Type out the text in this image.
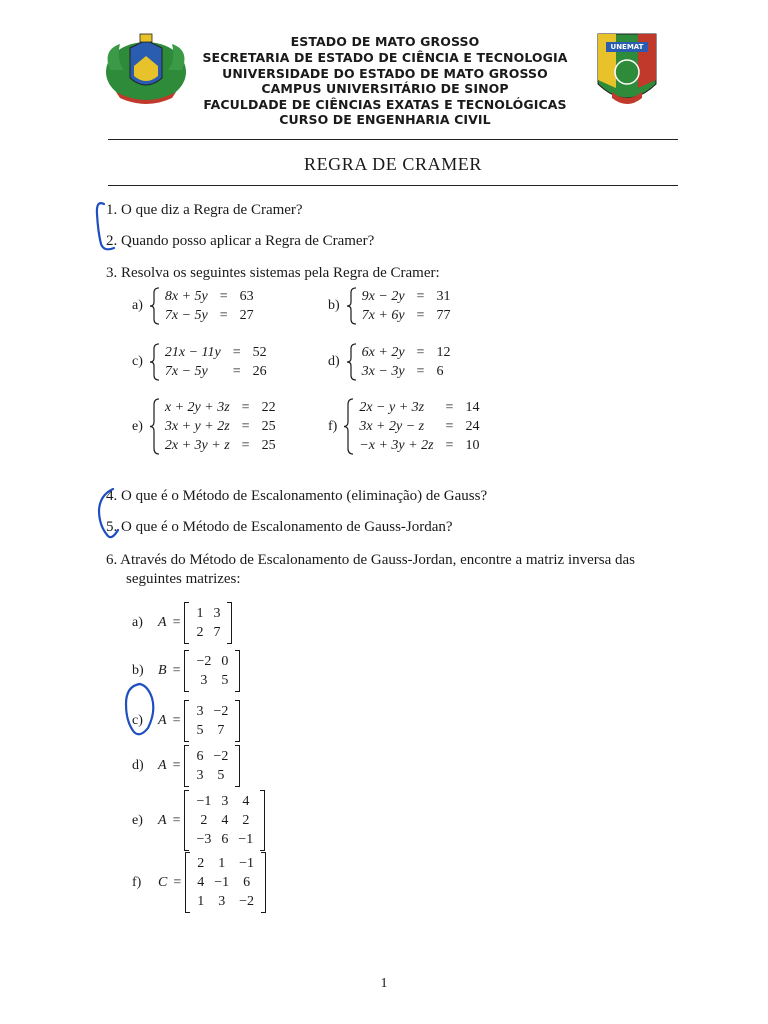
ESTADO DE MATO GROSSO
SECRETARIA DE ESTADO DE CIÊNCIA E TECNOLOGIA
UNIVERSIDADE DO ESTADO DE MATO GROSSO
CAMPUS UNIVERSITÁRIO DE SINOP
FACULDADE DE CIÊNCIAS EXATAS E TECNOLÓGICAS
CURSO DE ENGENHARIA CIVIL
UNEMAT
REGRA DE CRAMER
1. O que diz a Regra de Cramer?
2. Quando posso aplicar a Regra de Cramer?
3. Resolva os seguintes sistemas pela Regra de Cramer:
a)
8x + 5y	=	63
7x − 5y	=	27
b)
9x − 2y	=	31
7x + 6y	=	77
c)
21x − 11y	=	52
7x − 5y	=	26
d)
6x + 2y	=	12
3x − 3y	=	6
e)
x + 2y + 3z	=	22
3x + y + 2z	=	25
2x + 3y + z	=	25
f)
2x − y + 3z	=	14
3x + 2y − z	=	24
−x + 3y + 2z	=	10
4. O que é o Método de Escalonamento (eliminação) de Gauss?
5. O que é o Método de Escalonamento de Gauss-Jordan?
6. Através do Método de Escalonamento de Gauss-Jordan, encontre a matriz inversa das
seguintes matrizes:
a)	A =
1	3
2	7
b)	B =
−2	0
3	5
c)	A =
3	−2
5	7
d)	A =
6	−2
3	5
e)	A =
−1	3	4
2	4	2
−3	6	−1
f)	C =
2	1	−1
4	−1	6
1	3	−2
1
